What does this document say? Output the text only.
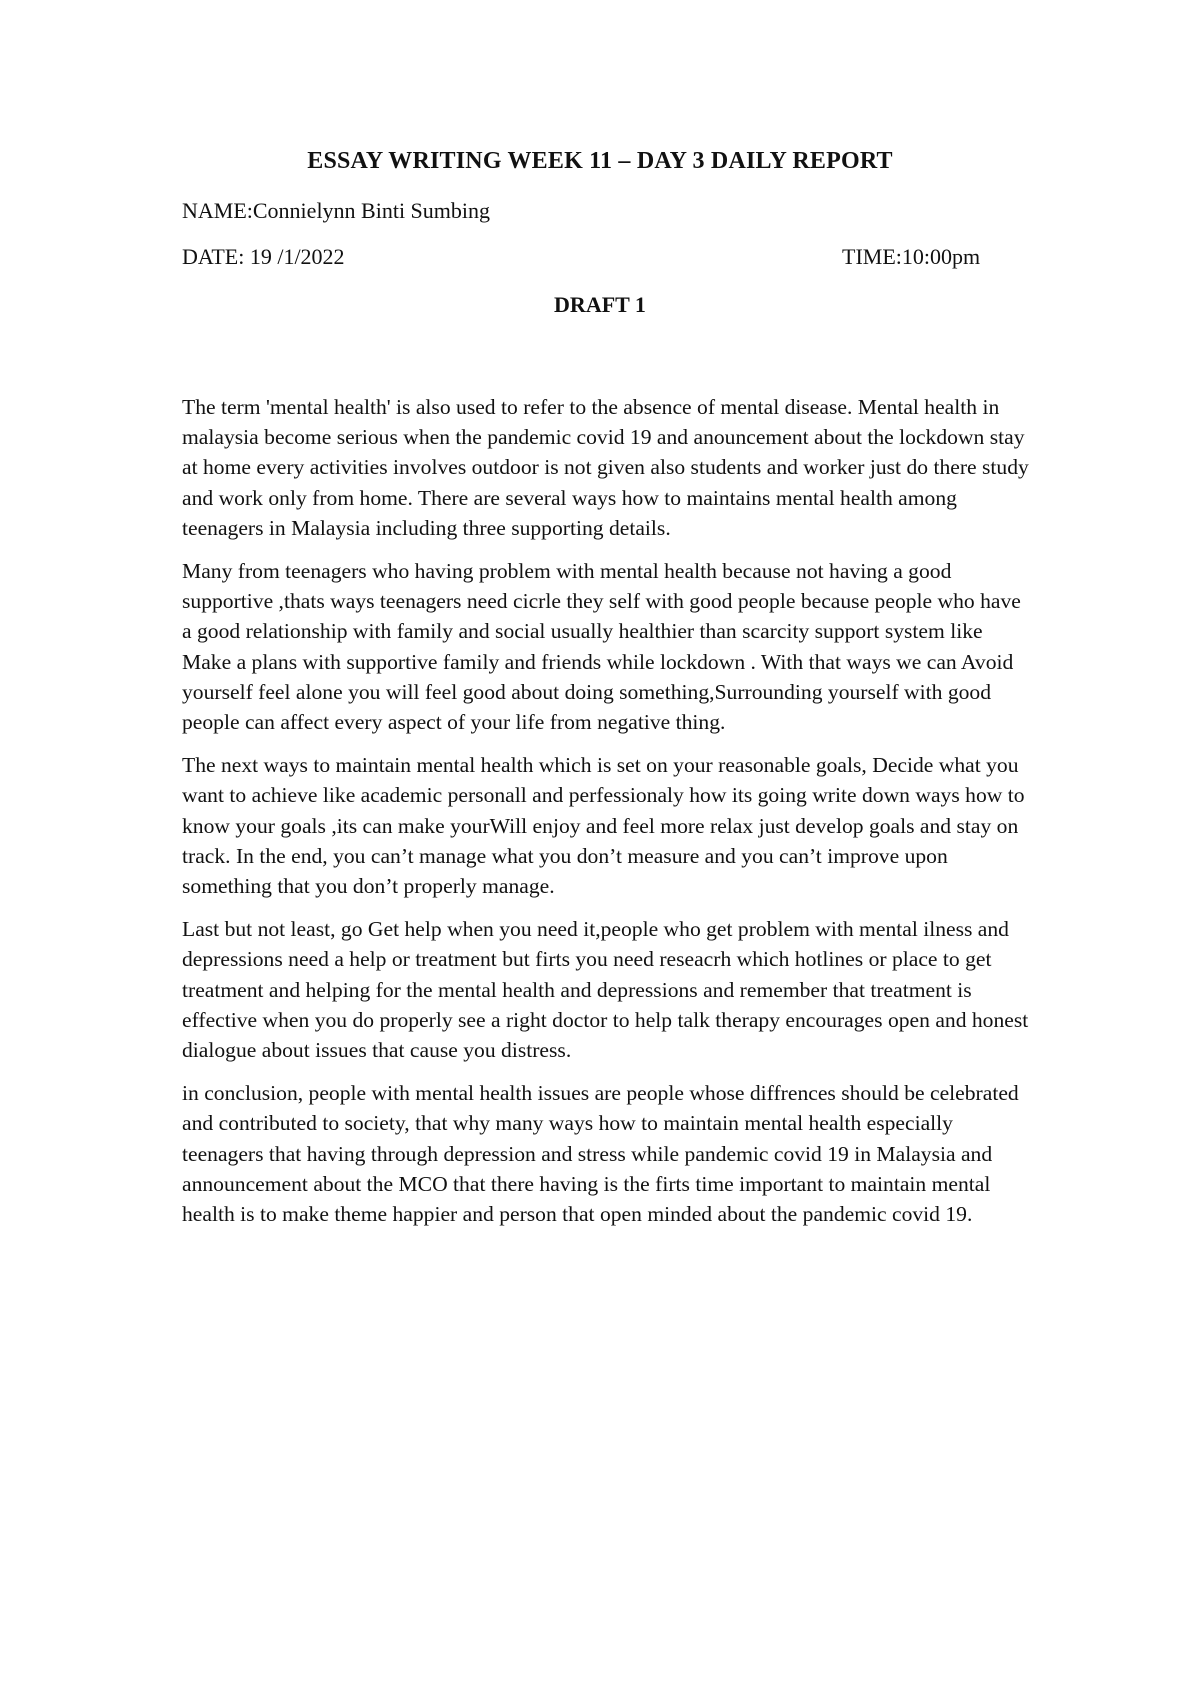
ESSAY WRITING WEEK 11 – DAY 3 DAILY REPORT

NAME:Connielynn Binti Sumbing

DATE: 19 /1/2022	TIME:10:00pm

DRAFT 1

The term 'mental health' is also used to refer to the absence of mental disease. Mental health in malaysia become serious when the pandemic covid 19 and anouncement about the lockdown stay at home every activities involves outdoor is not given also students and worker just do there study and work only from home. There are several ways how to maintains mental health among teenagers in Malaysia including three supporting details.

Many from teenagers who having problem with mental health because not having a good supportive ,thats ways teenagers need cicrle they self with good people because people who have a good relationship with family and social usually healthier than scarcity support system like Make a plans with supportive family and friends while lockdown . With that ways we can Avoid yourself feel alone you will feel good about doing something,Surrounding yourself with good people can affect every aspect of your life from negative thing.

The next ways to maintain mental health which is set on your reasonable goals, Decide what you want to achieve like academic personall and perfessionaly how its going write down ways how to know your goals ,its can make yourWill enjoy and feel more relax just develop goals and stay on track. In the end, you can’t manage what you don’t measure and you can’t improve upon something that you don’t properly manage.

Last but not least, go Get help when you need it,people who get problem with mental ilness and depressions need a help or treatment but firts you need reseacrh which hotlines or place to get treatment and helping for the mental health and depressions and remember that treatment is effective when you do properly see a right doctor to help talk therapy encourages open and honest dialogue about issues that cause you distress.

in conclusion, people with mental health issues are people whose diffrences should be celebrated and contributed to society, that why many ways how to maintain mental health especially teenagers that having through depression and stress while pandemic covid 19 in Malaysia and announcement about the MCO that there having is the firts time important to maintain mental health is to make theme happier and person that open minded about the pandemic covid 19.
